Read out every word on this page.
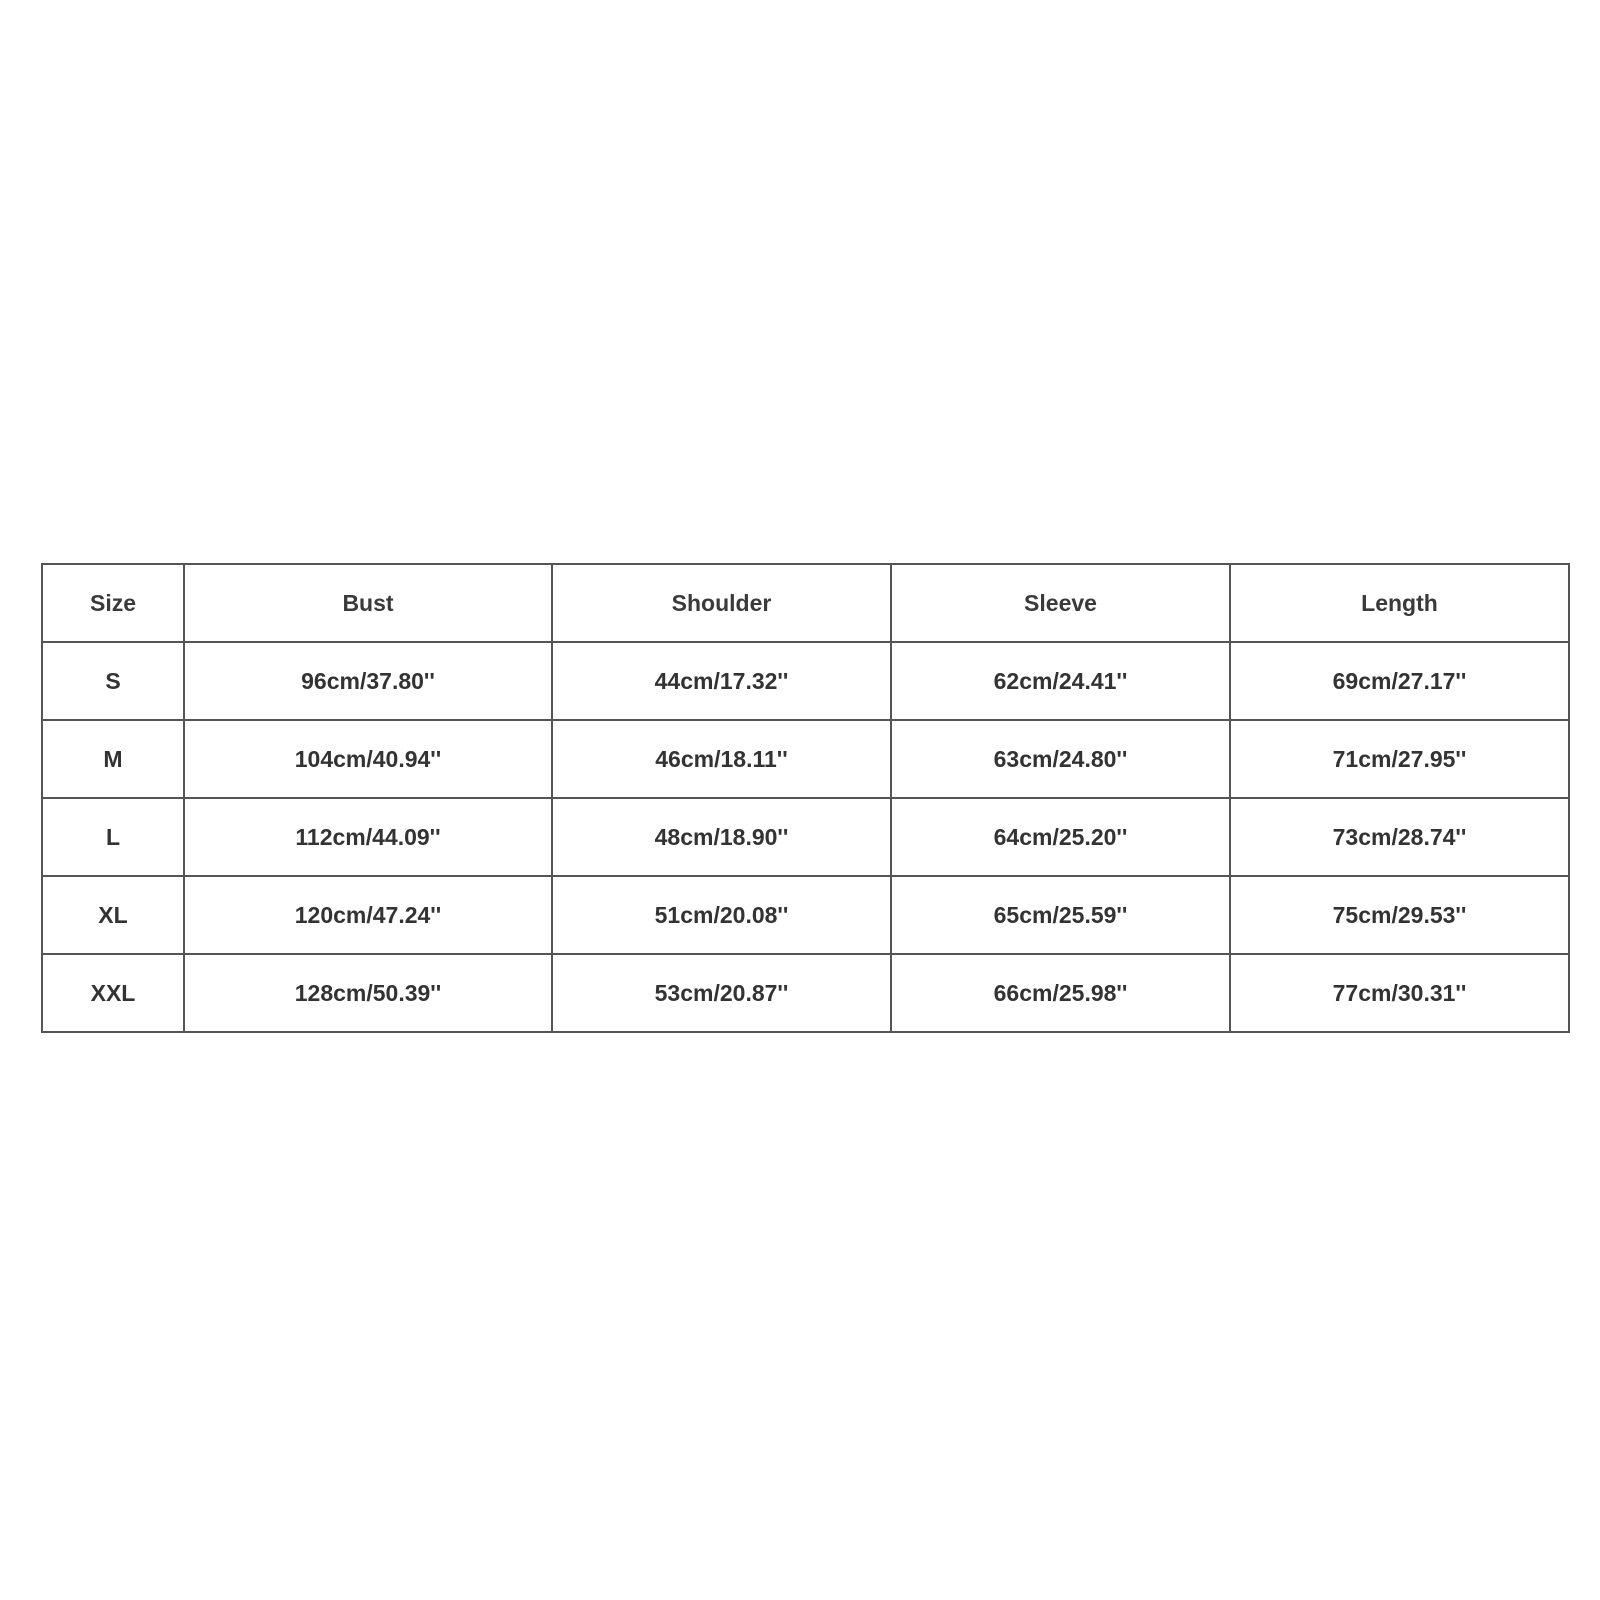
Size	Bust	Shoulder	Sleeve	Length
S	96cm/37.80''	44cm/17.32''	62cm/24.41''	69cm/27.17''
M	104cm/40.94''	46cm/18.11''	63cm/24.80''	71cm/27.95''
L	112cm/44.09''	48cm/18.90''	64cm/25.20''	73cm/28.74''
XL	120cm/47.24''	51cm/20.08''	65cm/25.59''	75cm/29.53''
XXL	128cm/50.39''	53cm/20.87''	66cm/25.98''	77cm/30.31''
